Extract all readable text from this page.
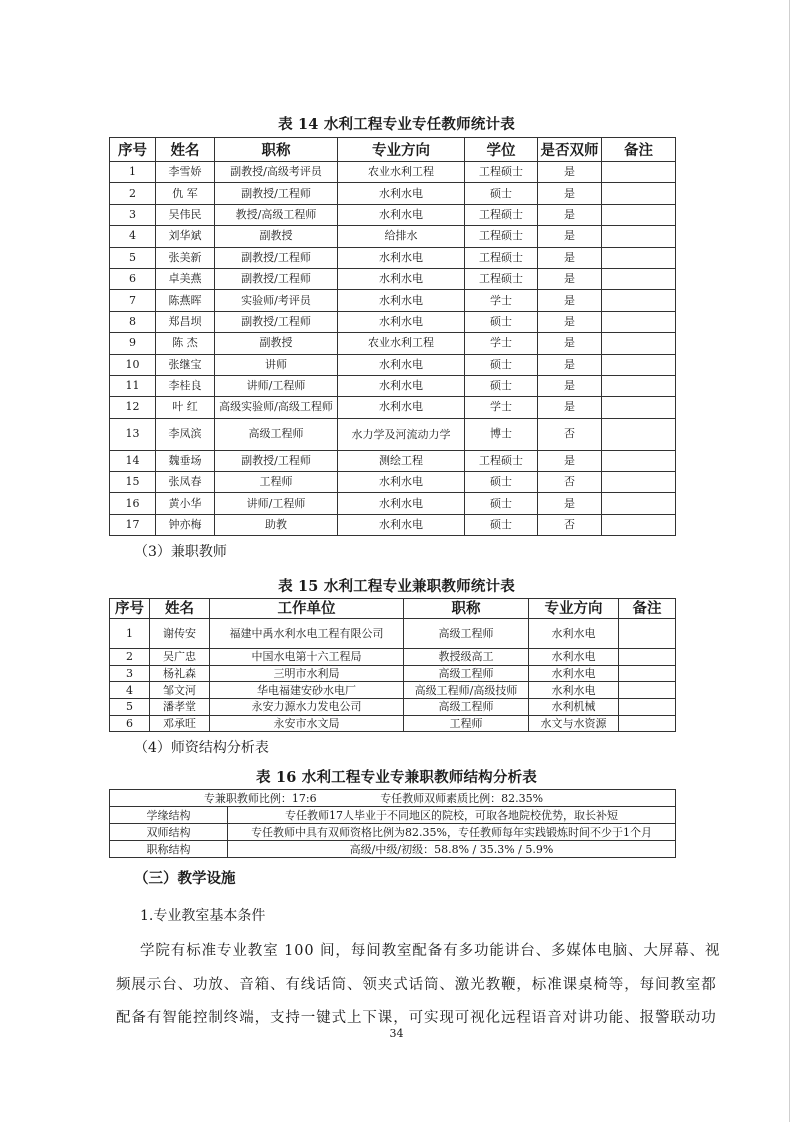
表 14 水利工程专业专任教师统计表
序号	姓名	职称	专业方向	学位	是否双师	备注
1	李雪娇	副教授/高级考评员	农业水利工程	工程硕士	是	
2	仇 军	副教授/工程师	水利水电	硕士	是	
3	吴伟民	教授/高级工程师	水利水电	工程硕士	是	
4	刘华斌	副教授	给排水	工程硕士	是	
5	张美新	副教授/工程师	水利水电	工程硕士	是	
6	卓美燕	副教授/工程师	水利水电	工程硕士	是	
7	陈燕晖	实验师/考评员	水利水电	学士	是	
8	郑昌坝	副教授/工程师	水利水电	硕士	是	
9	陈 杰	副教授	农业水利工程	学士	是	
10	张继宝	讲师	水利水电	硕士	是	
11	李桂良	讲师/工程师	水利水电	硕士	是	
12	叶 红	高级实验师/高级工程师	水利水电	学士	是	
13	李凤滨	高级工程师	水力学及河流动力学	博士	否	
14	魏垂场	副教授/工程师	测绘工程	工程硕士	是	
15	张凤春	工程师	水利水电	硕士	否	
16	黄小华	讲师/工程师	水利水电	硕士	是	
17	钟亦梅	助教	水利水电	硕士	否	
（3）兼职教师
表 15 水利工程专业兼职教师统计表
序号	姓名	工作单位	职称	专业方向	备注
1	谢传安	福建中禹水利水电工程有限公司	高级工程师	水利水电	
2	吴广忠	中国水电第十六工程局	教授级高工	水利水电	
3	杨礼森	三明市水利局	高级工程师	水利水电	
4	邹文河	华电福建安砂水电厂	高级工程师/高级技师	水利水电	
5	潘孝堂	永安力源水力发电公司	高级工程师	水利机械	
6	邓承旺	永安市水文局	工程师	水文与水资源	
（4）师资结构分析表
表 16 水利工程专业专兼职教师结构分析表
专兼职教师比例：17:6 专任教师双师素质比例：82.35%	
学缘结构	专任教师17人毕业于不同地区的院校，可取各地院校优势，取长补短
双师结构	专任教师中具有双师资格比例为82.35%，专任教师每年实践锻炼时间不少于1个月
职称结构	高级/中级/初级：58.8% / 35.3% / 5.9%
（三）教学设施
1.专业教室基本条件
学院有标准专业教室 100 间，每间教室配备有多功能讲台、多媒体电脑、大屏幕、视
频展示台、功放、音箱、有线话筒、领夹式话筒、激光教鞭，标准课桌椅等，每间教室都
配备有智能控制终端，支持一键式上下课，可实现可视化远程语音对讲功能、报警联动功
34
